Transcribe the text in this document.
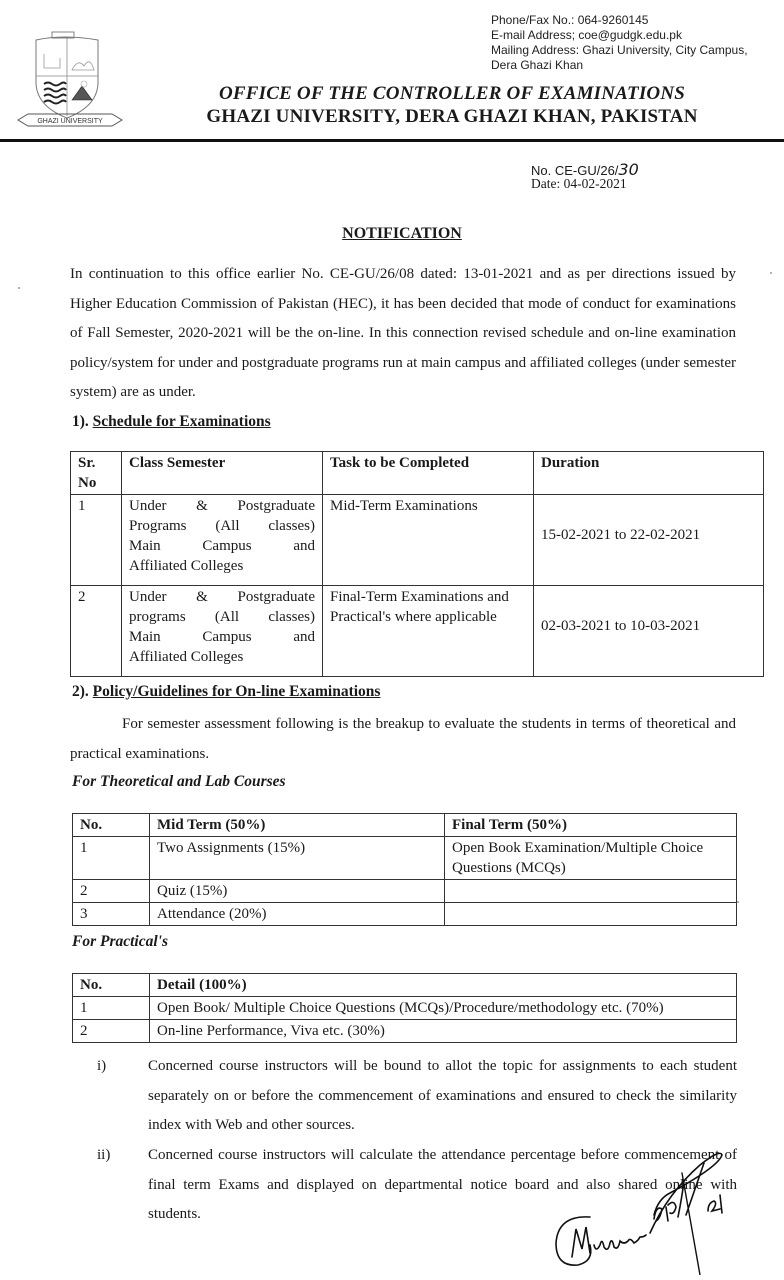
GHAZI UNIVERSITY
Phone/Fax No.: 064-9260145
E-mail Address; coe@gudgk.edu.pk
Mailing Address: Ghazi University, City Campus,
Dera Ghazi Khan
OFFICE OF THE CONTROLLER OF EXAMINATIONS
GHAZI UNIVERSITY, DERA GHAZI KHAN, PAKISTAN
No. CE-GU/26/30
Date: 04-02-2021
NOTIFICATION
In continuation to this office earlier No. CE-GU/26/08 dated: 13-01-2021 and as per directions issued by Higher Education Commission of Pakistan (HEC), it has been decided that mode of conduct for examinations of Fall Semester, 2020-2021 will be the on-line. In this connection revised schedule and on-line examination policy/system for under and postgraduate programs run at main campus and affiliated colleges (under semester system) are as under.
1). Schedule for Examinations
Sr. No	Class Semester	Task to be Completed	Duration
1	Under & Postgraduate
Programs (All classes)
Main Campus and
Affiliated Colleges	Mid-Term Examinations	15-02-2021 to 22-02-2021
2	Under & Postgraduate
programs (All classes)
Main Campus and
Affiliated Colleges	Final-Term Examinations and Practical's where applicable	02-03-2021 to 10-03-2021
2). Policy/Guidelines for On-line Examinations
For semester assessment following is the breakup to evaluate the students in terms of theoretical and practical examinations.
For Theoretical and Lab Courses
No.	Mid Term (50%)	Final Term (50%)
1	Two Assignments (15%)	Open Book Examination/Multiple Choice Questions (MCQs)
2	Quiz (15%)	
3	Attendance (20%)	
For Practical's
No.	Detail (100%)
1	Open Book/ Multiple Choice Questions (MCQs)/Procedure/methodology etc. (70%)
2	On-line Performance, Viva etc. (30%)
i)	Concerned course instructors will be bound to allot the topic for assignments to each student separately on or before the commencement of examinations and ensured to check the similarity index with Web and other sources.
ii)	Concerned course instructors will calculate the attendance percentage before commencement of final term Exams and displayed on departmental notice board and also shared online with students.
